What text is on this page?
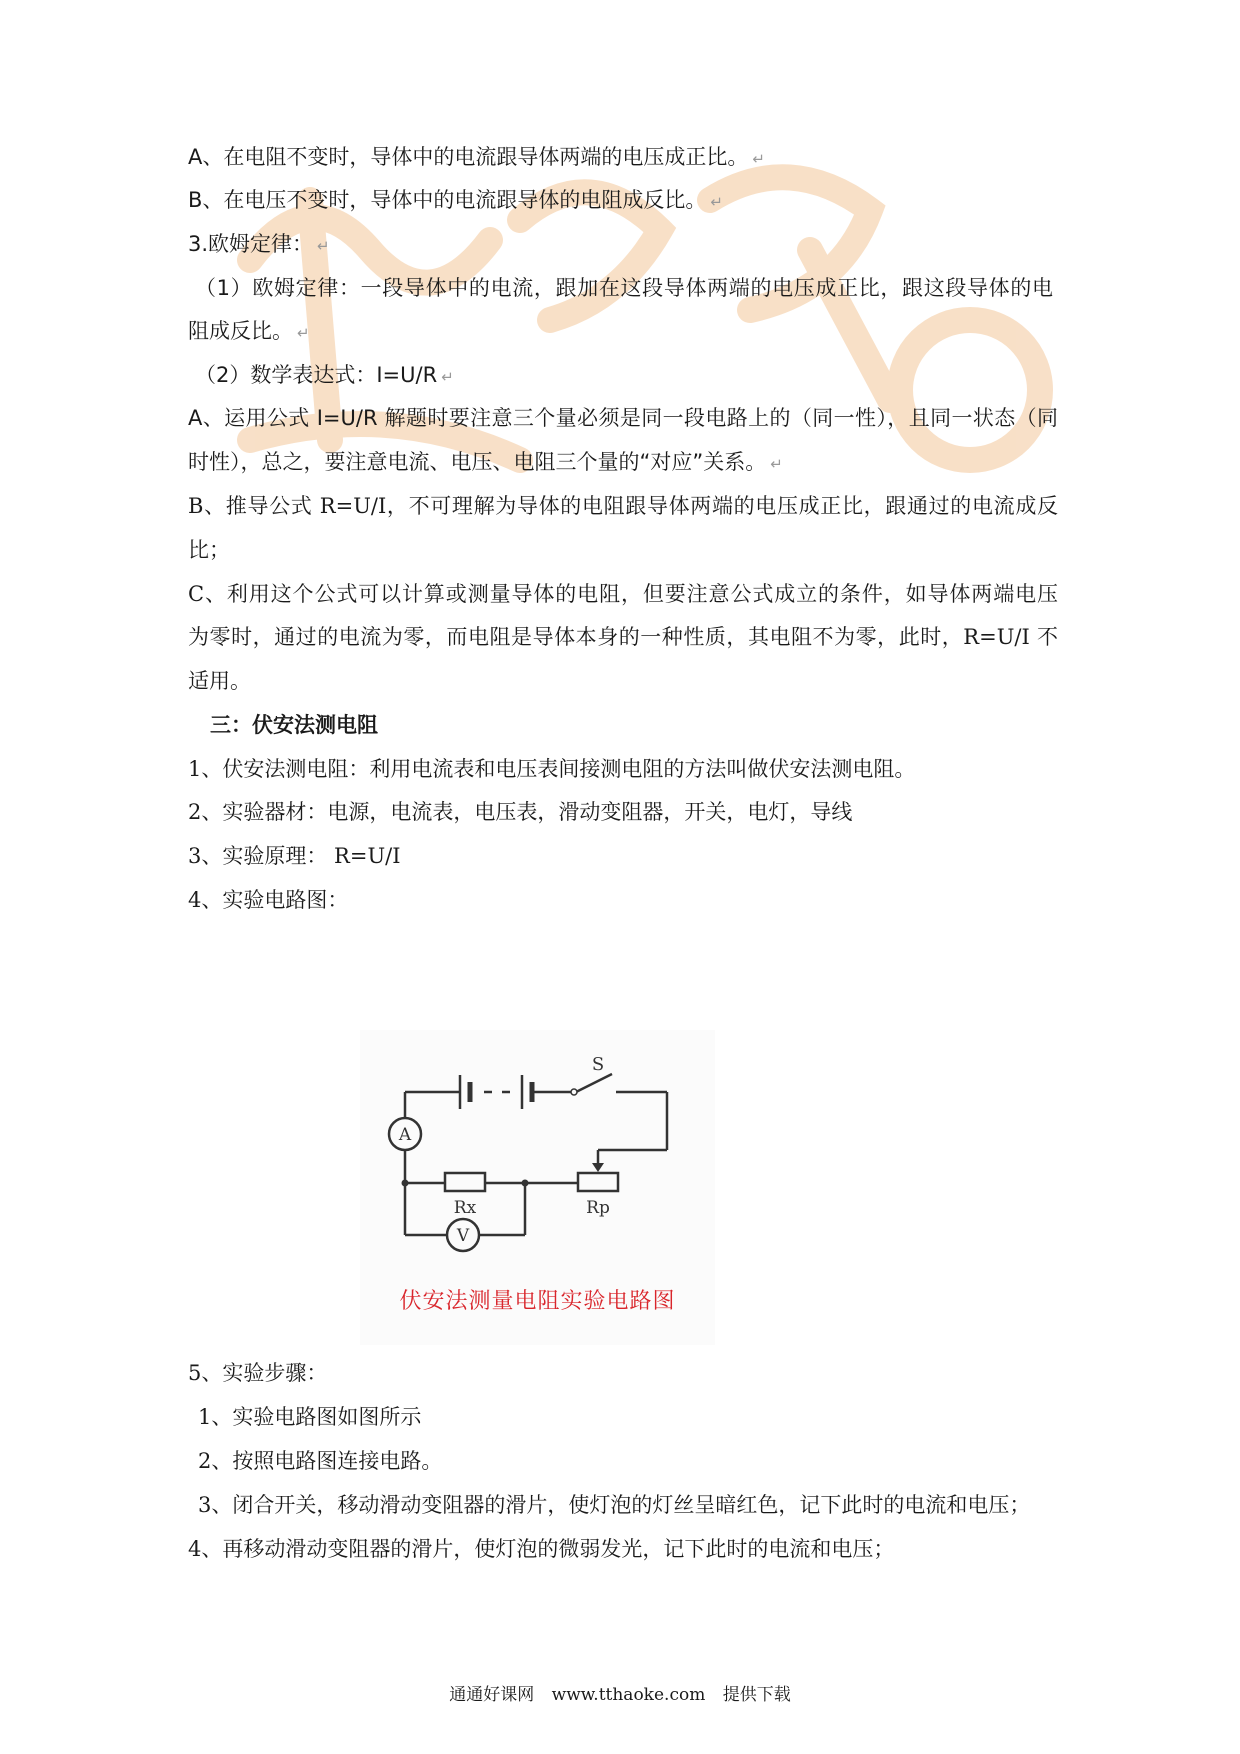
A、在电阻不变时，导体中的电流跟导体两端的电压成正比。 ↵
B、在电压不变时，导体中的电流跟导体的电阻成反比。 ↵
3.欧姆定律： ↵
（1）欧姆定律：一段导体中的电流，跟加在这段导体两端的电压成正比，跟这段导体的电
阻成反比。 ↵
（2）数学表达式：I=U/R ↵
A、运用公式 I=U/R 解题时要注意三个量必须是同一段电路上的（同一性），且同一状态（同
时性），总之，要注意电流、电压、电阻三个量的“对应”关系。 ↵
B、推导公式 R=U/I，不可理解为导体的电阻跟导体两端的电压成正比，跟通过的电流成反
比；
C、利用这个公式可以计算或测量导体的电阻，但要注意公式成立的条件，如导体两端电压
为零时，通过的电流为零，而电阻是导体本身的一种性质，其电阻不为零，此时，R=U/I 不
适用。
三：伏安法测电阻
1、伏安法测电阻：利用电流表和电压表间接测电阻的方法叫做伏安法测电阻。
2、实验器材：电源，电流表，电压表，滑动变阻器，开关，电灯，导线
3、实验原理： R=U/I
4、实验电路图：
A
V
S
Rx	Rp
伏安法测量电阻实验电路图
5、实验步骤：
1、实验电路图如图所示
2、按照电路图连接电路。
3、闭合开关，移动滑动变阻器的滑片，使灯泡的灯丝呈暗红色，记下此时的电流和电压；
4、再移动滑动变阻器的滑片，使灯泡的微弱发光，记下此时的电流和电压；
通通好课网 www.tthaoke.com 提供下载
